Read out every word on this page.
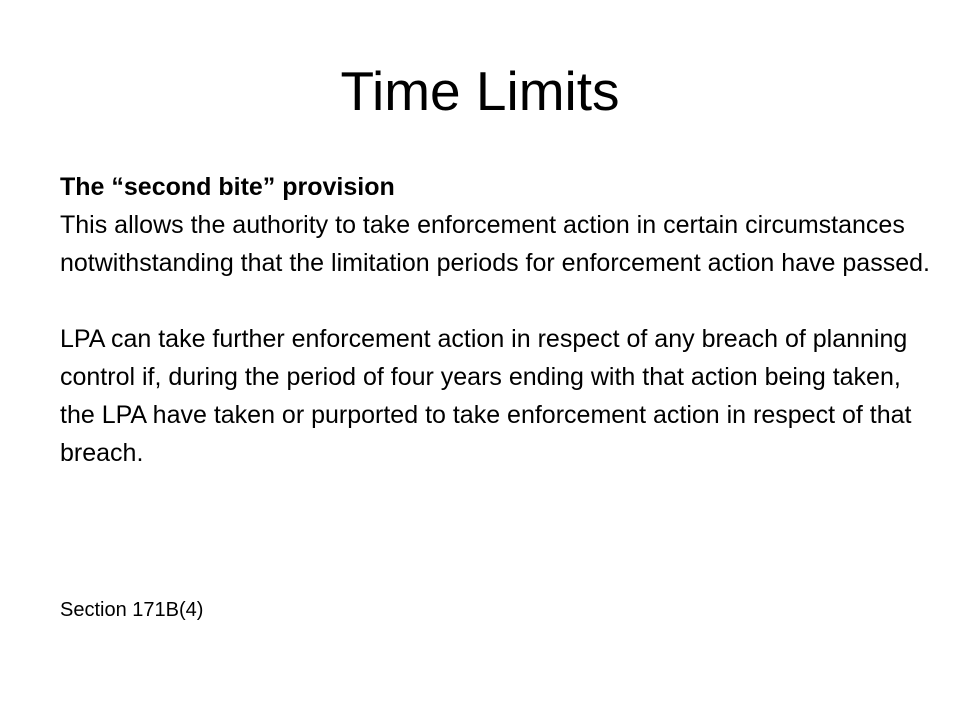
Time Limits

The “second bite” provision

This allows the authority to take enforcement action in certain circumstances notwithstanding that the limitation periods for enforcement action have passed.

LPA can take further enforcement action in respect of any breach of planning control if, during the period of four years ending with that action being taken, the LPA have taken or purported to take enforcement action in respect of that breach.

Section 171B(4)
